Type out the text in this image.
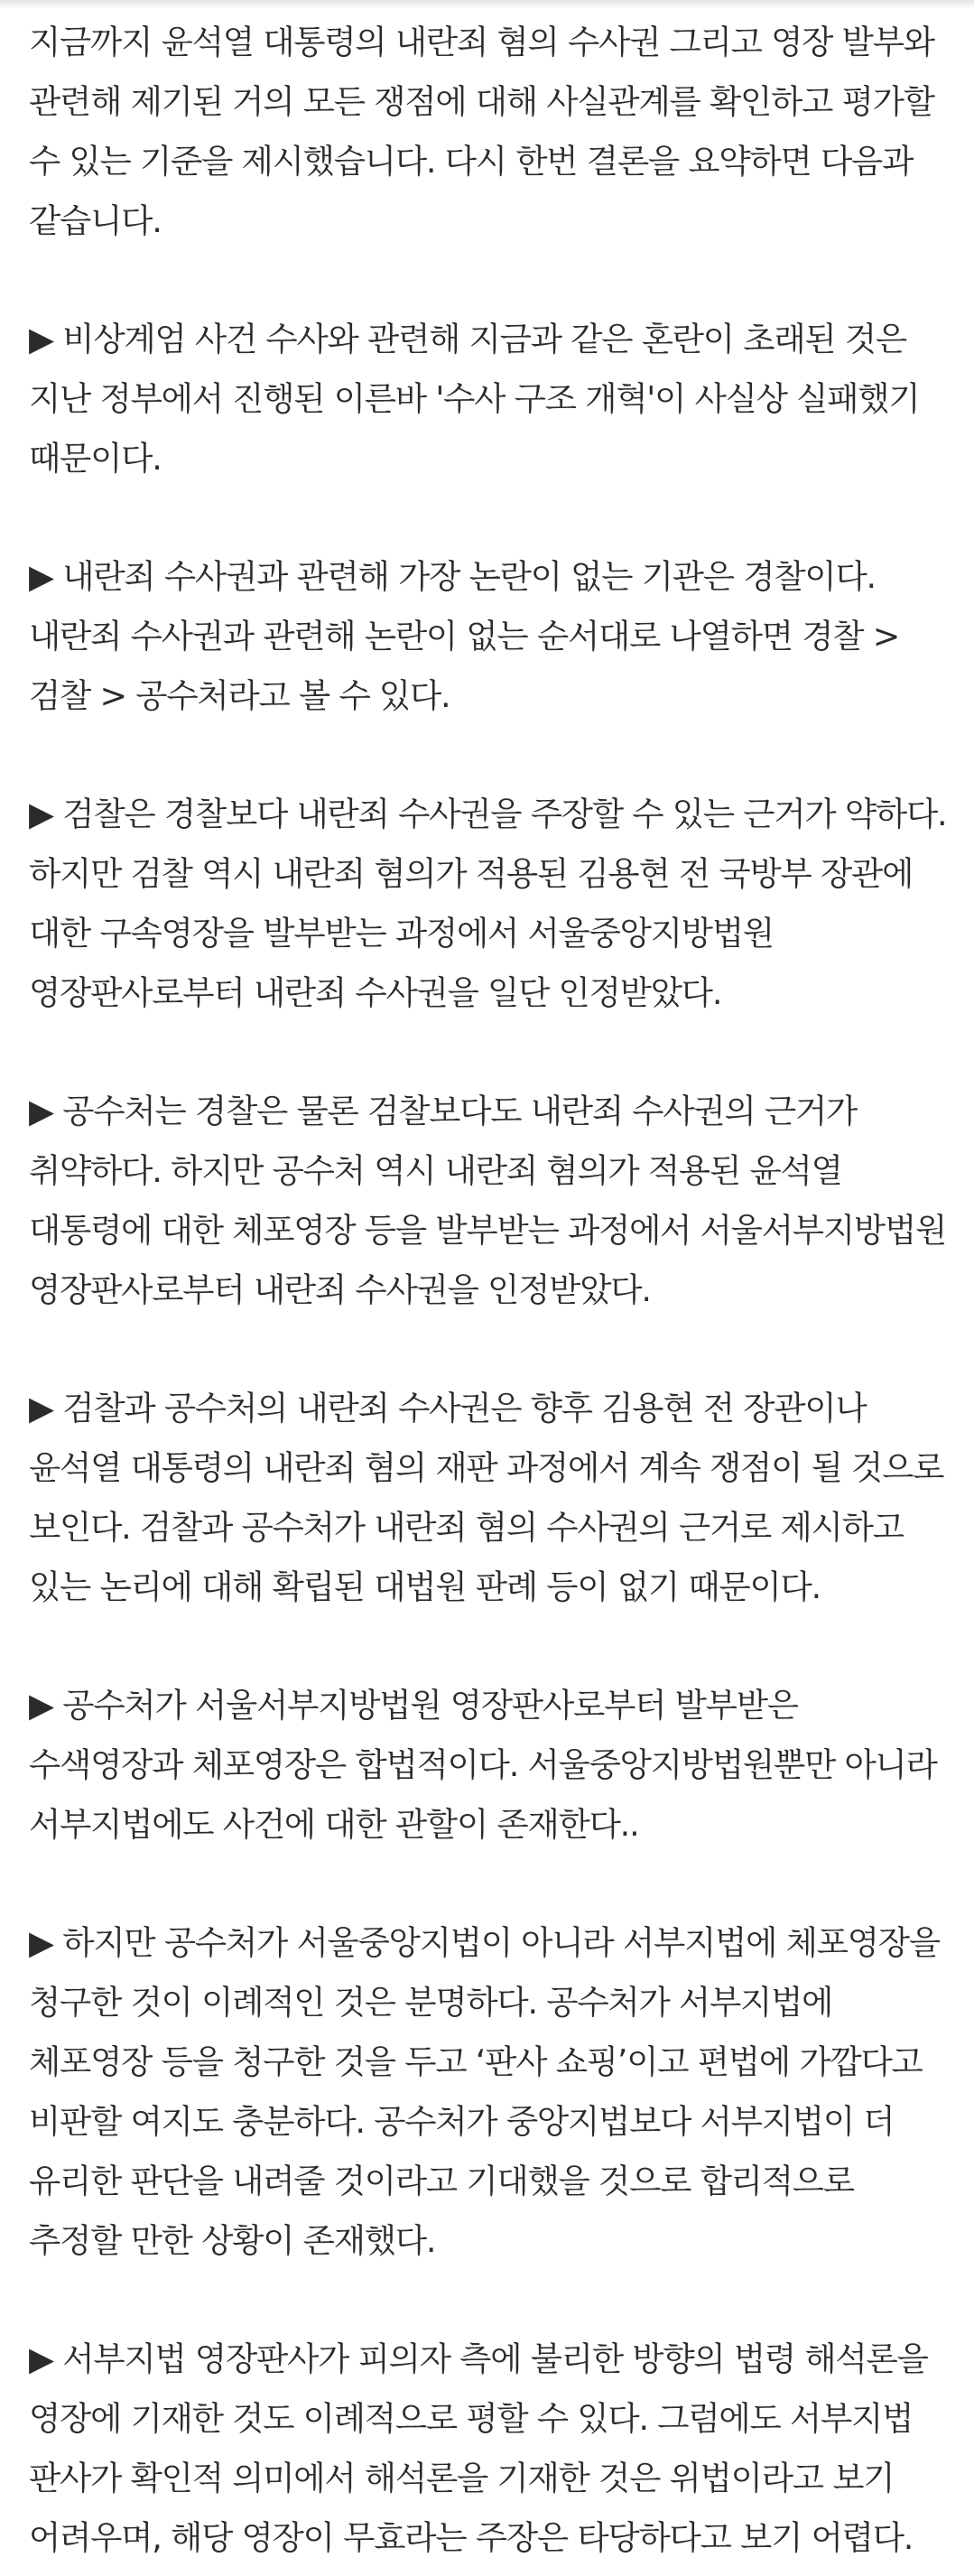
지금까지 윤석열 대통령의 내란죄 혐의 수사권 그리고 영장 발부와 관련해 제기된 거의 모든 쟁점에 대해 사실관계를 확인하고 평가할 수 있는 기준을 제시했습니다. 다시 한번 결론을 요약하면 다음과 같습니다.

▶ 비상계엄 사건 수사와 관련해 지금과 같은 혼란이 초래된 것은 지난 정부에서 진행된 이른바 '수사 구조 개혁'이 사실상 실패했기 때문이다.

▶ 내란죄 수사권과 관련해 가장 논란이 없는 기관은 경찰이다. 내란죄 수사권과 관련해 논란이 없는 순서대로 나열하면 경찰 > 검찰 > 공수처라고 볼 수 있다.

▶ 검찰은 경찰보다 내란죄 수사권을 주장할 수 있는 근거가 약하다. 하지만 검찰 역시 내란죄 혐의가 적용된 김용현 전 국방부 장관에 대한 구속영장을 발부받는 과정에서 서울중앙지방법원 영장판사로부터 내란죄 수사권을 일단 인정받았다.

▶ 공수처는 경찰은 물론 검찰보다도 내란죄 수사권의 근거가 취약하다. 하지만 공수처 역시 내란죄 혐의가 적용된 윤석열 대통령에 대한 체포영장 등을 발부받는 과정에서 서울서부지방법원 영장판사로부터 내란죄 수사권을 인정받았다.

▶ 검찰과 공수처의 내란죄 수사권은 향후 김용현 전 장관이나 윤석열 대통령의 내란죄 혐의 재판 과정에서 계속 쟁점이 될 것으로 보인다. 검찰과 공수처가 내란죄 혐의 수사권의 근거로 제시하고 있는 논리에 대해 확립된 대법원 판례 등이 없기 때문이다.

▶ 공수처가 서울서부지방법원 영장판사로부터 발부받은 수색영장과 체포영장은 합법적이다. 서울중앙지방법원뿐만 아니라 서부지법에도 사건에 대한 관할이 존재한다..

▶ 하지만 공수처가 서울중앙지법이 아니라 서부지법에 체포영장을 청구한 것이 이례적인 것은 분명하다. 공수처가 서부지법에 체포영장 등을 청구한 것을 두고 ‘판사 쇼핑’이고 편법에 가깝다고 비판할 여지도 충분하다. 공수처가 중앙지법보다 서부지법이 더 유리한 판단을 내려줄 것이라고 기대했을 것으로 합리적으로 추정할 만한 상황이 존재했다.

▶ 서부지법 영장판사가 피의자 측에 불리한 방향의 법령 해석론을 영장에 기재한 것도 이례적으로 평할 수 있다. 그럼에도 서부지법 판사가 확인적 의미에서 해석론을 기재한 것은 위법이라고 보기 어려우며, 해당 영장이 무효라는 주장은 타당하다고 보기 어렵다.
